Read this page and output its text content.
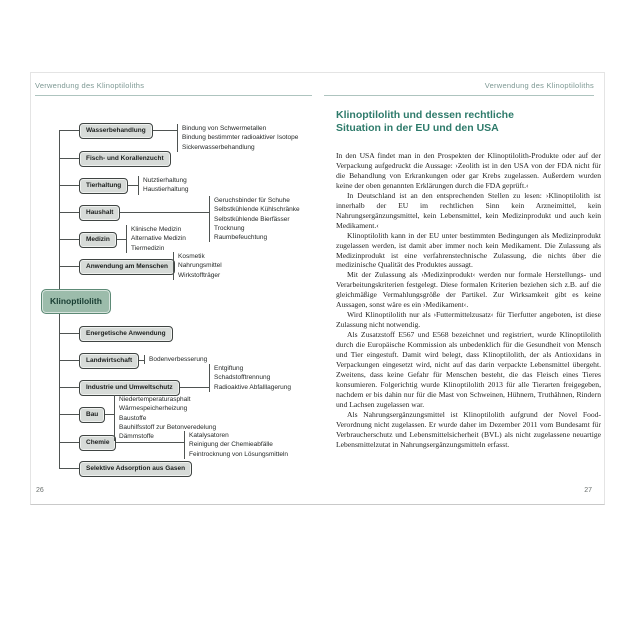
Verwendung des Klinoptiloliths
Klinoptilolith
Wasserbehandlung
Fisch- und Korallenzucht
Tierhaltung
Haushalt
Medizin
Anwendung am Menschen
Energetische Anwendung
Landwirtschaft
Industrie und Umweltschutz
Bau
Chemie
Selektive Adsorption aus Gasen
Bindung von Schwermetallen
Bindung bestimmter radioaktiver Isotope
Sickerwasserbehandlung
Nutztierhaltung
Haustierhaltung
Geruchsbinder für Schuhe
Selbstkühlende Kühlschränke
Selbstkühlende Bierfässer
Trocknung
Raumbefeuchtung
Klinische Medizin
Alternative Medizin
Tiermedizin
Kosmetik
Nahrungsmittel
Wirkstoffträger
Bodenverbesserung
Entgiftung
Schadstofftrennung
Radioaktive Abfalllagerung
Niedertemperaturasphalt
Wärmespeicherheizung
Baustoffe
Bauhilfsstoff zur Betonveredelung
Dämmstoffe	Katalysatoren
Reinigung der Chemieabfälle
Feintrocknung von Lösungsmitteln
26
Verwendung des Klinoptiloliths
Klinoptilolith und dessen rechtliche
Situation in der EU und den USA

In den USA findet man in den Prospekten der Klinoptilolith-Produkte oder auf der Verpackung aufgedruckt die Aussage: ›Zeolith ist in den USA von der FDA nicht für die Behandlung von Erkrankungen oder gar Krebs zugelassen. Außerdem wurden keine der oben genannten Erklärungen durch die FDA geprüft.‹

In Deutschland ist an den entsprechenden Stellen zu lesen: ›Klinoptilolith ist innerhalb der EU im rechtlichen Sinn kein Arzneimittel, kein Nahrungsergänzungsmittel, kein Lebensmittel, kein Medizinprodukt und auch kein Medikament.‹

Klinoptilolith kann in der EU unter bestimmten Bedingungen als Medizinprodukt zugelassen werden, ist damit aber immer noch kein Medikament. Die Zulassung als Medizinprodukt ist eine verfahrenstechnische Zulassung, die nichts über die medizinische Qualität des Produktes aussagt.

Mit der Zulassung als ›Medizinprodukt‹ werden nur formale Herstellungs- und Verarbeitungskriterien festgelegt. Diese formalen Kriterien beziehen sich z.B. auf die gleichmäßige Vermahlungsgröße der Partikel. Zur Wirksamkeit gibt es keine Aussagen, sonst wäre es ein ›Medikament‹.

Wird Klinoptilolith nur als ›Futtermittelzusatz‹ für Tierfutter angeboten, ist diese Zulassung nicht notwendig.

Als Zusatzstoff E567 und E568 bezeichnet und registriert, wurde Klinoptilolith durch die Europäische Kommission als unbedenklich für die Gesundheit von Mensch und Tier eingestuft. Damit wird belegt, dass Klinoptilolith, der als Antioxidans in Verpackungen eingesetzt wird, nicht auf das darin verpackte Lebensmittel übergeht. Zweitens, dass keine Gefahr für Menschen besteht, die das Fleisch eines Tieres konsumieren. Folgerichtig wurde Klinoptilolith 2013 für alle Tierarten freigegeben, nachdem er bis dahin nur für die Mast von Schweinen, Hühnern, Truthähnen, Rindern und Lachsen zugelassen war.

Als Nahrungsergänzungsmittel ist Klinoptilolith aufgrund der Novel Food-Verordnung nicht zugelassen. Er wurde daher im Dezember 2011 vom Bundesamt für Verbraucherschutz und Lebensmittelsicherheit (BVL) als nicht zugelassene neuartige Lebensmittelzutat in Nahrungsergänzungsmitteln erfasst.

27
